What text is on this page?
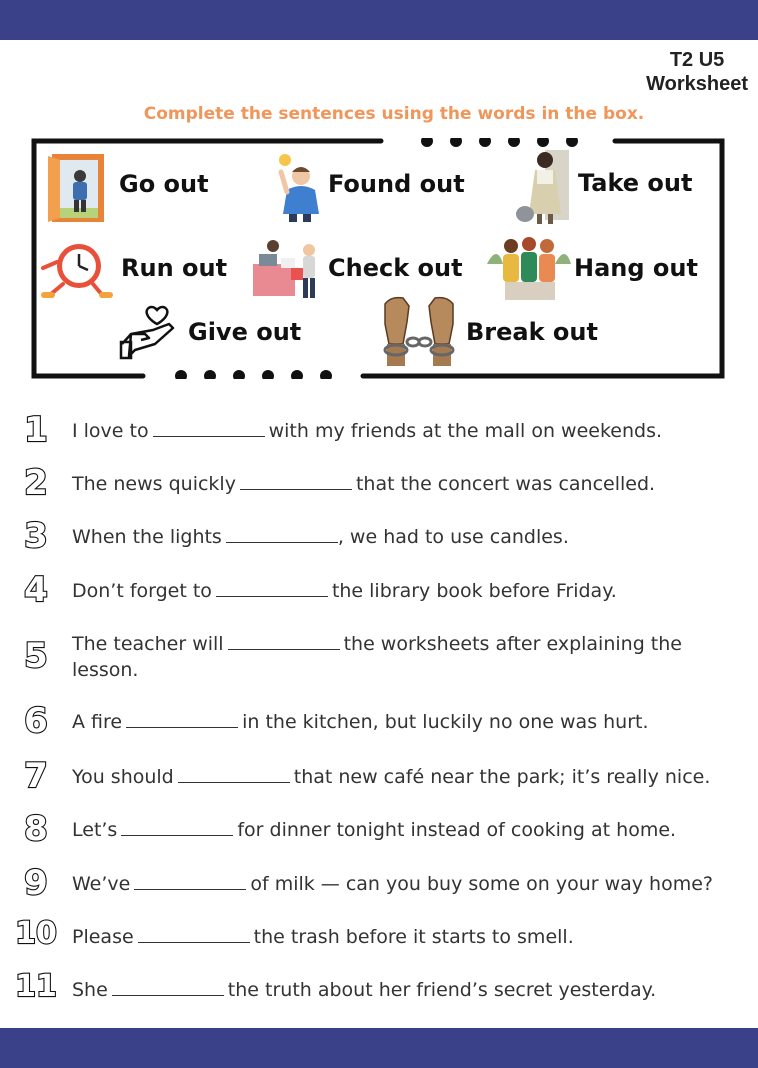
T2 U5
Worksheet
Complete the sentences using the words in the box.
Go out	Found out	Take out
Run out	Check out	Hang out
Give out	Break out
1	I love to	with my friends at the mall on weekends.
2	The news quickly	that the concert was cancelled.
3	When the lights	, we had to use candles.
4	Don’t forget to	the library book before Friday.
5	The teacher will	the worksheets after explaining the lesson.
6	A fire	in the kitchen, but luckily no one was hurt.
7	You should	that new café near the park; it’s really nice.
8	Let’s	for dinner tonight instead of cooking at home.
9	We’ve	of milk — can you buy some on your way home?
10 Please	the trash before it starts to smell.
11 She	the truth about her friend’s secret yesterday.
